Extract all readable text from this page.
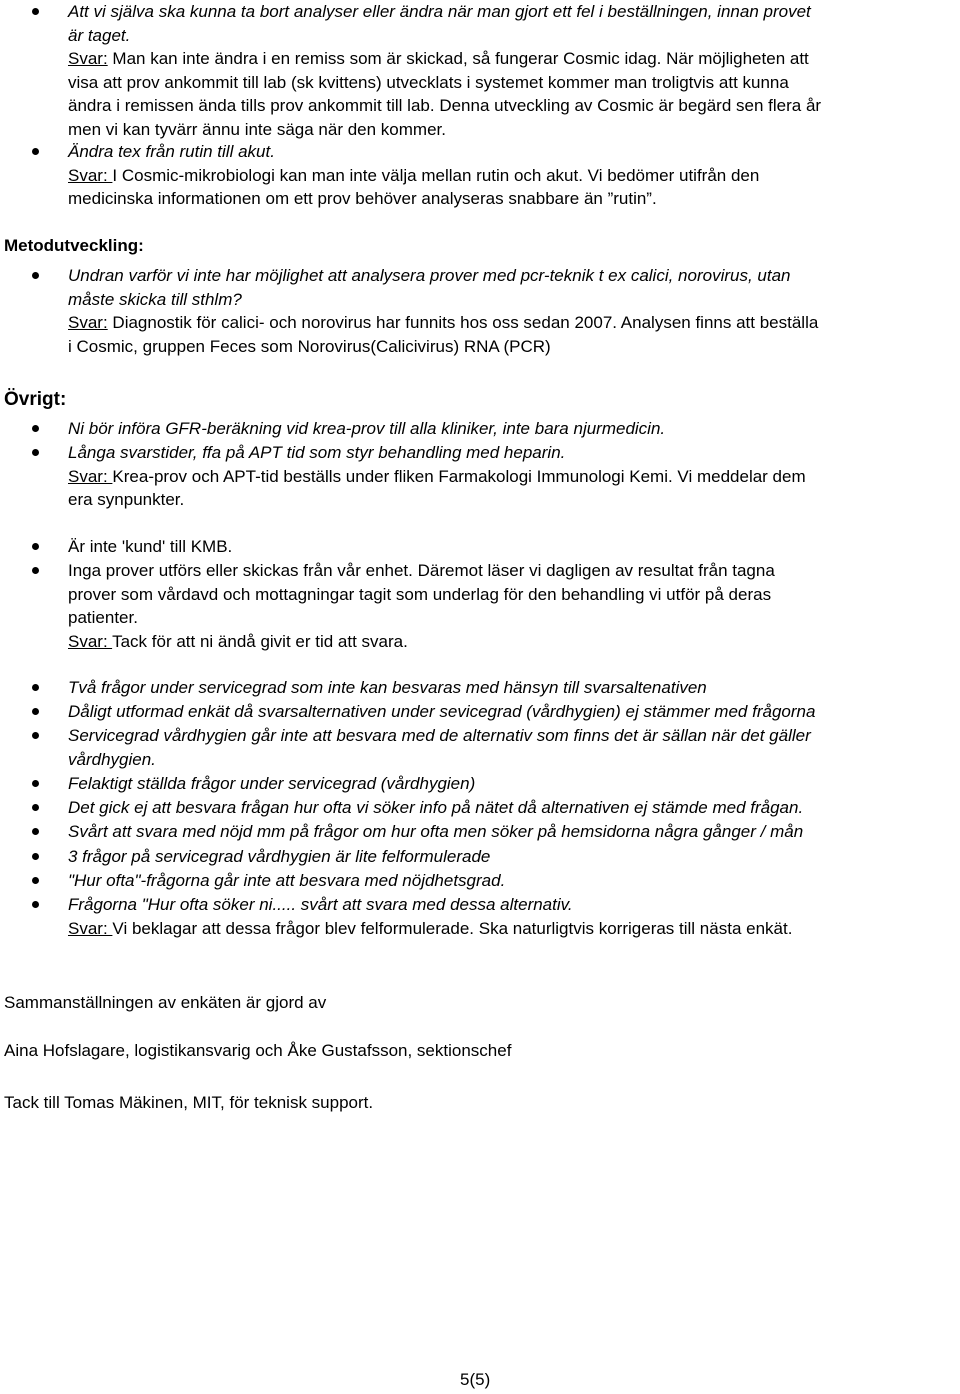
Att vi själva ska kunna ta bort analyser eller ändra när man gjort ett fel i beställningen, innan provet
är taget.
Svar: Man kan inte ändra i en remiss som är skickad, så fungerar Cosmic idag. När möjligheten att
visa att prov ankommit till lab (sk kvittens) utvecklats i systemet kommer man troligtvis att kunna
ändra i remissen ända tills prov ankommit till lab. Denna utveckling av Cosmic är begärd sen flera år
men vi kan tyvärr ännu inte säga när den kommer.
Ändra tex från rutin till akut.
Svar: I Cosmic-mikrobiologi kan man inte välja mellan rutin och akut. Vi bedömer utifrån den
medicinska informationen om ett prov behöver analyseras snabbare än ”rutin”.
Metodutveckling:
Undran varför vi inte har möjlighet att analysera prover med pcr-teknik t ex calici, norovirus, utan
måste skicka till sthlm?
Svar: Diagnostik för calici- och norovirus har funnits hos oss sedan 2007. Analysen finns att beställa
i Cosmic, gruppen Feces som Norovirus(Calicivirus) RNA (PCR)
Övrigt:
Ni bör införa GFR-beräkning vid krea-prov till alla kliniker, inte bara njurmedicin.
Långa svarstider, ffa på APT tid som styr behandling med heparin.
Svar: Krea-prov och APT-tid beställs under fliken Farmakologi Immunologi Kemi. Vi meddelar dem
era synpunkter.
Är inte 'kund' till KMB.
Inga prover utförs eller skickas från vår enhet. Däremot läser vi dagligen av resultat från tagna
prover som vårdavd och mottagningar tagit som underlag för den behandling vi utför på deras
patienter.
Svar: Tack för att ni ändå givit er tid att svara.
Två frågor under servicegrad som inte kan besvaras med hänsyn till svarsaltenativen
Dåligt utformad enkät då svarsalternativen under sevicegrad (vårdhygien) ej stämmer med frågorna
Servicegrad vårdhygien går inte att besvara med de alternativ som finns det är sällan när det gäller
vårdhygien.
Felaktigt ställda frågor under servicegrad (vårdhygien)
Det gick ej att besvara frågan hur ofta vi söker info på nätet då alternativen ej stämde med frågan.
Svårt att svara med nöjd mm på frågor om hur ofta men söker på hemsidorna några gånger / mån
3 frågor på servicegrad vårdhygien är lite felformulerade
"Hur ofta"-frågorna går inte att besvara med nöjdhetsgrad.
Frågorna "Hur ofta söker ni..... svårt att svara med dessa alternativ.
Svar: Vi beklagar att dessa frågor blev felformulerade. Ska naturligtvis korrigeras till nästa enkät.
Sammanställningen av enkäten är gjord av
Aina Hofslagare, logistikansvarig och Åke Gustafsson, sektionschef
Tack till Tomas Mäkinen, MIT, för teknisk support.
5(5)
